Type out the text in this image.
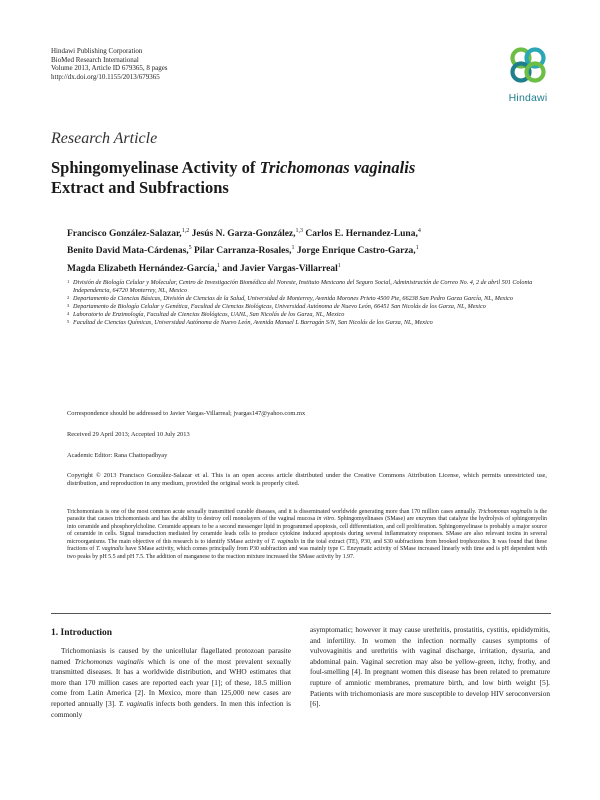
Hindawi Publishing Corporation
BioMed Research International
Volume 2013, Article ID 679365, 8 pages
http://dx.doi.org/10.1155/2013/679365
Hindawi
Research Article
Sphingomyelinase Activity of Trichomonas vaginalis
Extract and Subfractions
Francisco González-Salazar,$^{1,2}$ Jesús N. Garza-González,$^{1,3}$ Carlos E. Hernandez-Luna,$^4$
Benito David Mata-Cárdenas,$^5$ Pilar Carranza-Rosales,$^1$ Jorge Enrique Castro-Garza,$^1$
Magda Elizabeth Hernández-García,$^1$ and Javier Vargas-Villarreal$^1$
1 División de Biología Celular y Molecular, Centro de Investigación Biomédica del Noreste, Instituto Mexicano del Seguro Social, Administración de Correo No. 4, 2 de abril 501 Colonia Independencia, 64720 Monterrey, NL, Mexico
2 Departamento de Ciencias Básicas, División de Ciencias de la Salud, Universidad de Monterrey, Avenida Morones Prieto 4500 Pte, 66238 San Pedro Garza García, NL, Mexico
3 Departamento de Biología Celular y Genética, Facultad de Ciencias Biológicas, Universidad Autónoma de Nuevo León, 66451 San Nicolás de los Garza, NL, Mexico
4 Laboratorio de Enzimología, Facultad de Ciencias Biológicas, UANL, San Nicolás de los Garza, NL, Mexico
5 Facultad de Ciencias Químicas, Universidad Autónoma de Nuevo León, Avenida Manuel L Barragán S/N, San Nicolás de los Garza, NL, Mexico
Correspondence should be addressed to Javier Vargas-Villarreal; jvargas147@yahoo.com.mx
Received 29 April 2013; Accepted 10 July 2013
Academic Editor: Rana Chattopadhyay
Copyright © 2013 Francisco González-Salazar et al. This is an open access article distributed under the Creative Commons Attribution License, which permits unrestricted use, distribution, and reproduction in any medium, provided the original work is properly cited.
Trichomoniasis is one of the most common acute sexually transmitted curable diseases, and it is disseminated worldwide generating more than 170 million cases annually. Trichomonas vaginalis is the parasite that causes trichomoniasis and has the ability to destroy cell monolayers of the vaginal mucosa in vitro. Sphingomyelinases (SMase) are enzymes that catalyze the hydrolysis of sphingomyelin into ceramide and phosphorylcholine. Ceramide appears to be a second messenger lipid in programmed apoptosis, cell differentiation, and cell proliferation. Sphingomyelinase is probably a major source of ceramide in cells. Signal transduction mediated by ceramide leads cells to produce cytokine induced apoptosis during several inflammatory responses. SMase are also relevant toxins in several microorganisms. The main objective of this research is to identify SMase activity of T. vaginalis in the total extract (TE), P30, and S30 subfractions from brooked trophozoites. It was found that these fractions of T. vaginalis have SMase activity, which comes principally from P30 subfraction and was mainly type C. Enzymatic activity of SMase increased linearly with time and is pH dependent with two peaks by pH 5.5 and pH 7.5. The addition of manganese to the reaction mixture increased the SMase activity by 1.97.
1. Introduction
Trichomoniasis is caused by the unicellular flagellated protozoan parasite named Trichomonas vaginalis which is one of the most prevalent sexually transmitted diseases. It has a worldwide distribution, and WHO estimates that more than 170 million cases are reported each year [1]; of these, 18.5 million come from Latin America [2]. In Mexico, more than 125,000 new cases are reported annually [3]. T. vaginalis infects both genders. In men this infection is commonly
asymptomatic; however it may cause urethritis, prostatitis, cystitis, epididymitis, and infertility. In women the infection normally causes symptoms of vulvovaginitis and urethritis with vaginal discharge, irritation, dysuria, and abdominal pain. Vaginal secretion may also be yellow-green, itchy, frothy, and foul-smelling [4]. In pregnant women this disease has been related to premature rupture of amniotic membranes, premature birth, and low birth weight [5]. Patients with trichomoniasis are more susceptible to develop HIV seroconversion [6].
